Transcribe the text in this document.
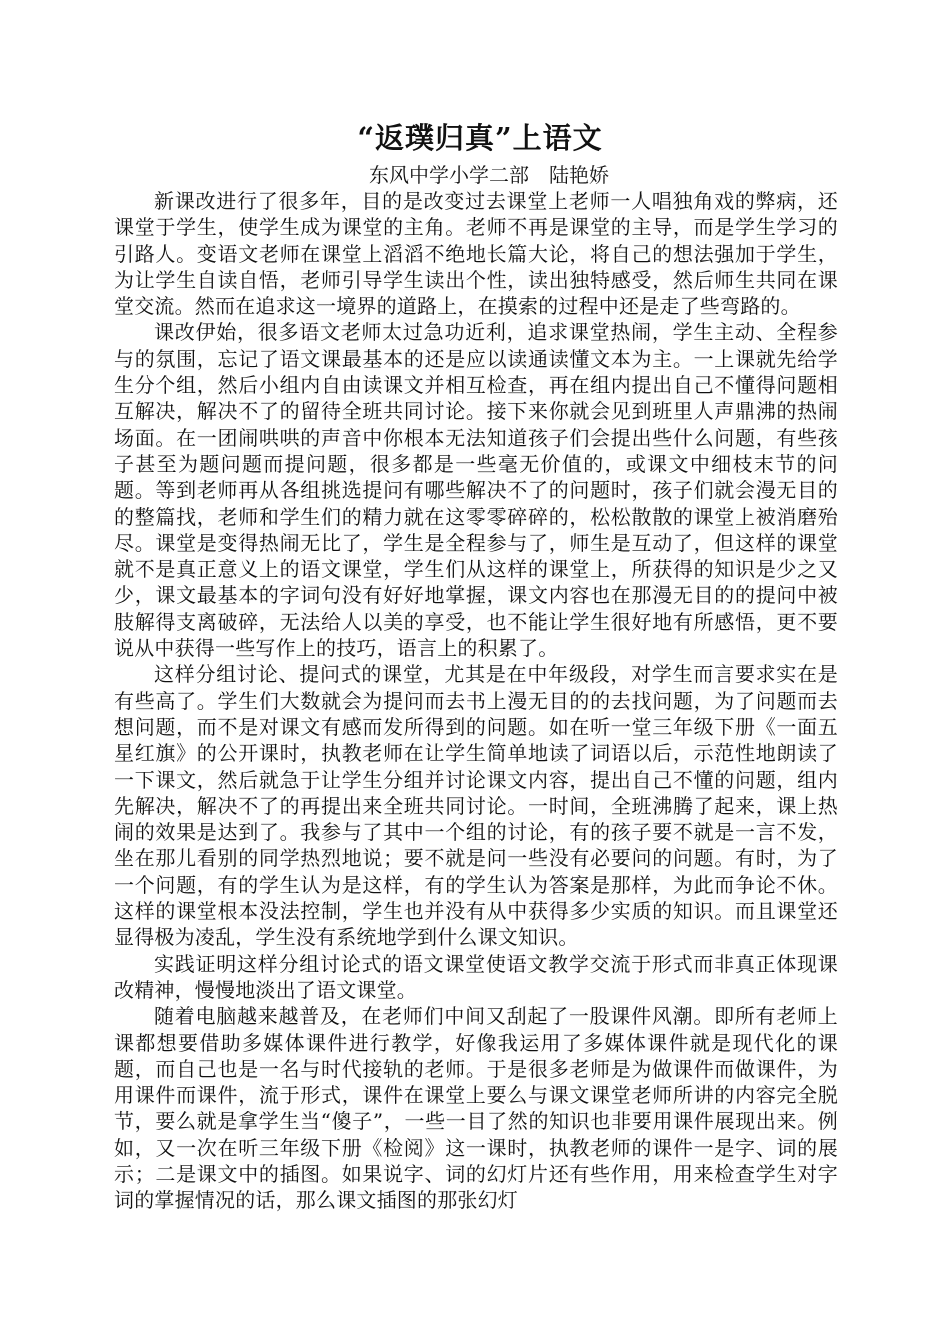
“返璞归真”上语文
东风中学小学二部 陆艳娇

新课改进行了很多年，目的是改变过去课堂上老师一人唱独角戏的弊病，还课堂于学生，使学生成为课堂的主角。老师不再是课堂的主导，而是学生学习的引路人。变语文老师在课堂上滔滔不绝地长篇大论，将自己的想法强加于学生，为让学生自读自悟，老师引导学生读出个性，读出独特感受，然后师生共同在课堂交流。然而在追求这一境界的道路上，在摸索的过程中还是走了些弯路的。

课改伊始，很多语文老师太过急功近利，追求课堂热闹，学生主动、全程参与的氛围，忘记了语文课最基本的还是应以读通读懂文本为主。一上课就先给学生分个组，然后小组内自由读课文并相互检查，再在组内提出自己不懂得问题相互解决，解决不了的留待全班共同讨论。接下来你就会见到班里人声鼎沸的热闹场面。在一团闹哄哄的声音中你根本无法知道孩子们会提出些什么问题，有些孩子甚至为题问题而提问题，很多都是一些毫无价值的，或课文中细枝末节的问题。等到老师再从各组挑选提问有哪些解决不了的问题时，孩子们就会漫无目的的整篇找，老师和学生们的精力就在这零零碎碎的，松松散散的课堂上被消磨殆尽。课堂是变得热闹无比了，学生是全程参与了，师生是互动了，但这样的课堂就不是真正意义上的语文课堂，学生们从这样的课堂上，所获得的知识是少之又少，课文最基本的字词句没有好好地掌握，课文内容也在那漫无目的的提问中被肢解得支离破碎，无法给人以美的享受，也不能让学生很好地有所感悟，更不要说从中获得一些写作上的技巧，语言上的积累了。

这样分组讨论、提问式的课堂，尤其是在中年级段，对学生而言要求实在是有些高了。学生们大数就会为提问而去书上漫无目的的去找问题，为了问题而去想问题，而不是对课文有感而发所得到的问题。如在听一堂三年级下册《一面五星红旗》的公开课时，执教老师在让学生简单地读了词语以后，示范性地朗读了一下课文，然后就急于让学生分组并讨论课文内容，提出自己不懂的问题，组内先解决，解决不了的再提出来全班共同讨论。一时间，全班沸腾了起来，课上热闹的效果是达到了。我参与了其中一个组的讨论，有的孩子要不就是一言不发，坐在那儿看别的同学热烈地说；要不就是问一些没有必要问的问题。有时，为了一个问题，有的学生认为是这样，有的学生认为答案是那样，为此而争论不休。这样的课堂根本没法控制，学生也并没有从中获得多少实质的知识。而且课堂还显得极为凌乱，学生没有系统地学到什么课文知识。

实践证明这样分组讨论式的语文课堂使语文教学交流于形式而非真正体现课改精神，慢慢地淡出了语文课堂。

随着电脑越来越普及，在老师们中间又刮起了一股课件风潮。即所有老师上课都想要借助多媒体课件进行教学，好像我运用了多媒体课件就是现代化的课题，而自己也是一名与时代接轨的老师。于是很多老师是为做课件而做课件，为用课件而课件，流于形式，课件在课堂上要么与课文课堂老师所讲的内容完全脱节，要么就是拿学生当“傻子”，一些一目了然的知识也非要用课件展现出来。例如，又一次在听三年级下册《检阅》这一课时，执教老师的课件一是字、词的展示；二是课文中的插图。如果说字、词的幻灯片还有些作用，用来检查学生对字词的掌握情况的话，那么课文插图的那张幻灯
